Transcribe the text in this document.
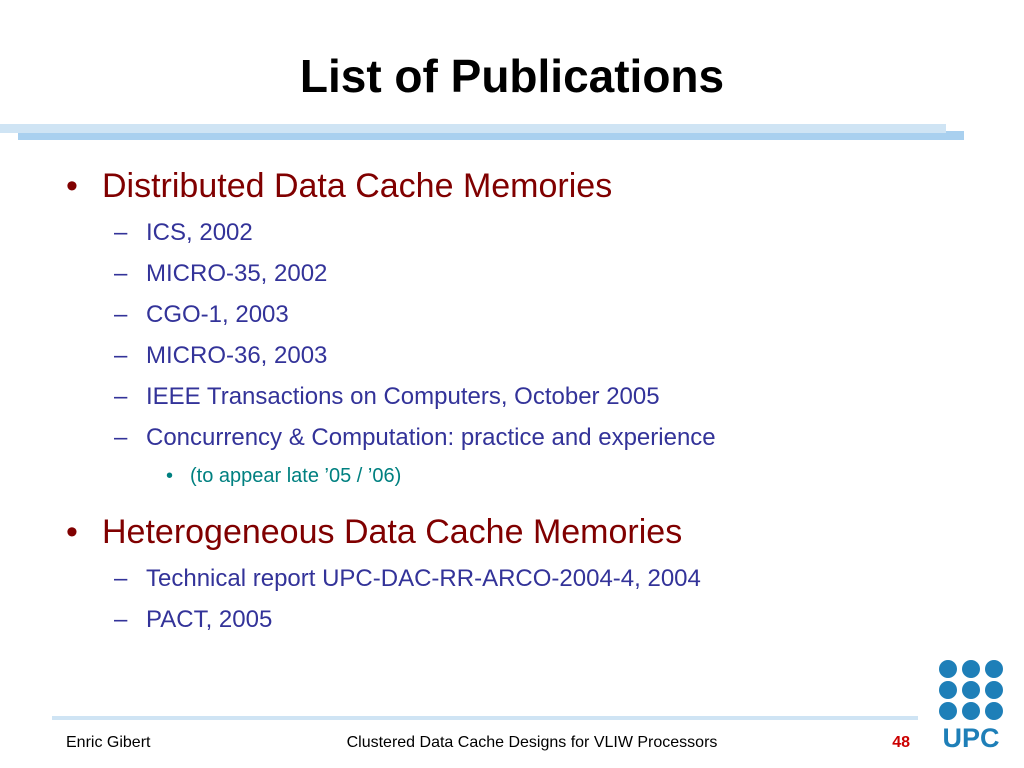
List of Publications
• Distributed Data Cache Memories
– ICS, 2002
– MICRO-35, 2002
– CGO-1, 2003
– MICRO-36, 2003
– IEEE Transactions on Computers, October 2005
– Concurrency & Computation: practice and experience
• (to appear late ’05 / ’06)
• Heterogeneous Data Cache Memories
– Technical report UPC-DAC-RR-ARCO-2004-4, 2004
– PACT, 2005
UPC
Enric Gibert	Clustered Data Cache Designs for VLIW Processors	48
